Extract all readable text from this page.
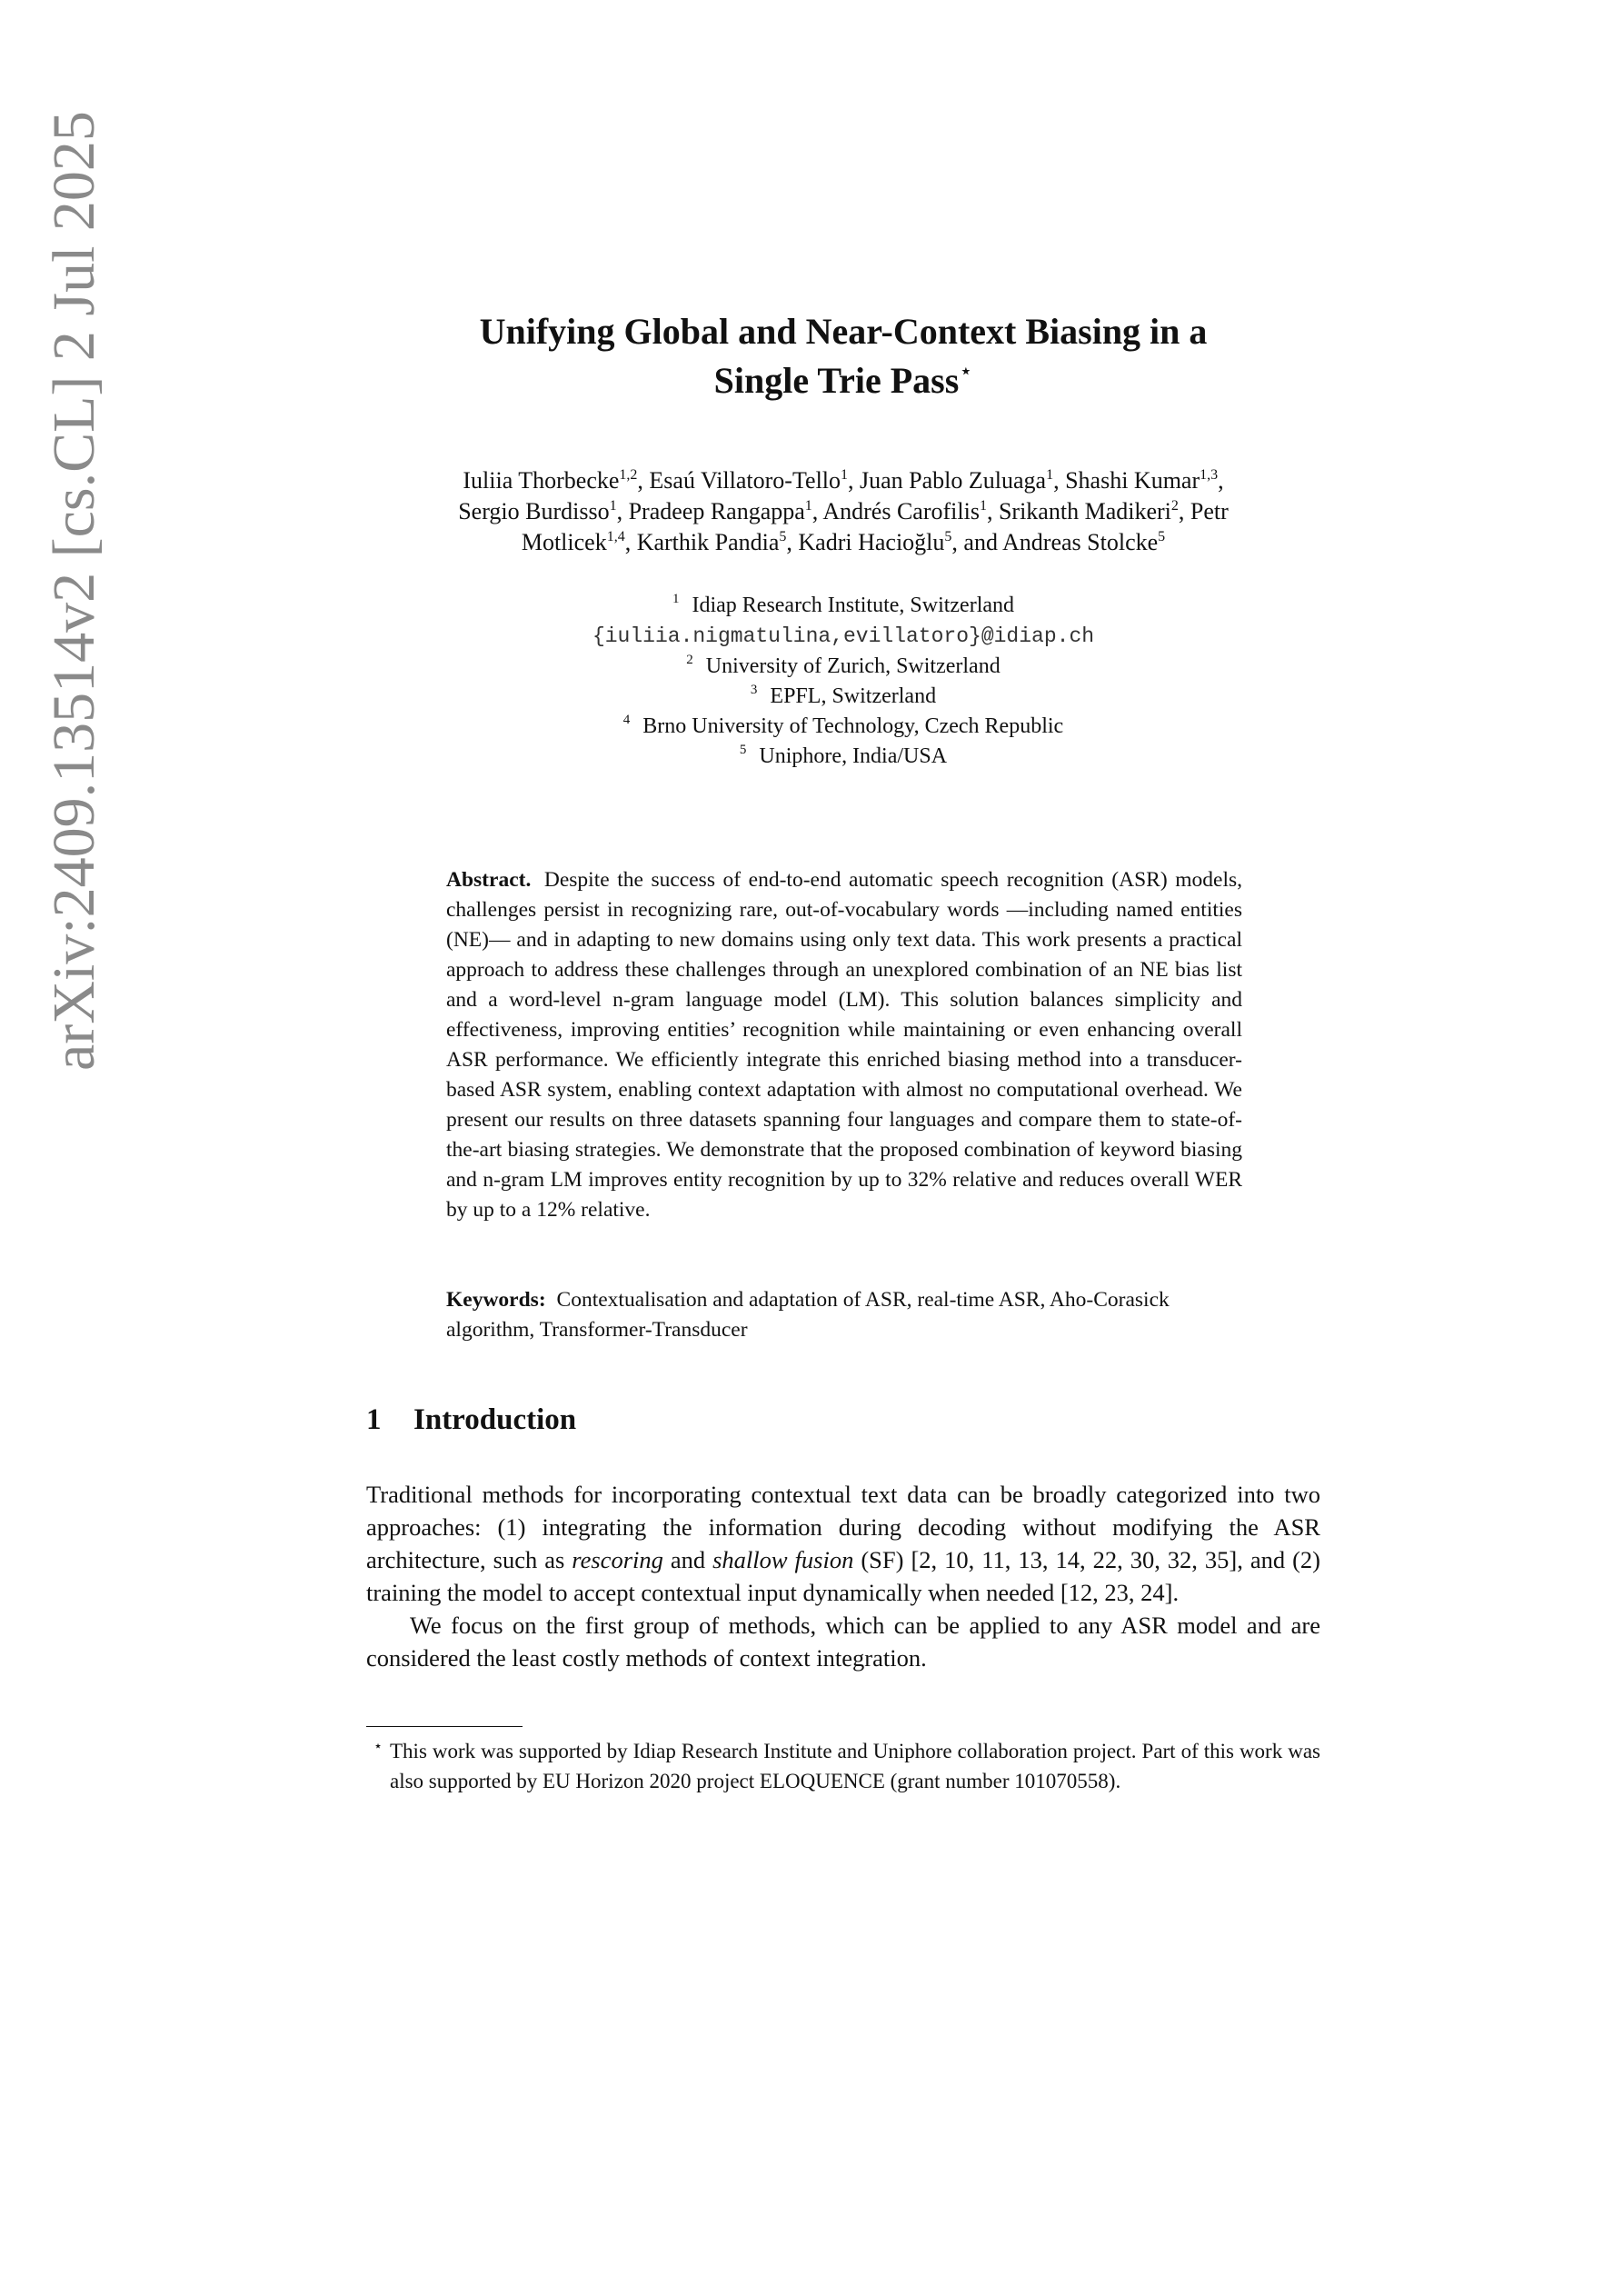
arXiv:2409.13514v2 [cs.CL] 2 Jul 2025	Unifying Global and Near-Context Biasing in a
Single Trie Pass⋆
Iuliia Thorbecke$^{1,2}$, Esaú Villatoro-Tello$^1$, Juan Pablo Zuluaga$^1$, Shashi Kumar$^{1,3}$,
Sergio Burdisso$^1$, Pradeep Rangappa$^1$, Andrés Carofilis$^1$, Srikanth Madikeri$^2$, Petr
Motlicek$^{1,4}$, Karthik Pandia$^5$, Kadri Hacioğlu$^5$, and Andreas Stolcke$^5$
$^1$ Idiap Research Institute, Switzerland
{iuliia.nigmatulina,evillatoro}@idiap.ch
$^2$ University of Zurich, Switzerland
$^3$ EPFL, Switzerland
$^4$ Brno University of Technology, Czech Republic
$^5$ Uniphore, India/USA
Abstract. Despite the success of end-to-end automatic speech recognition (ASR) models, challenges persist in recognizing rare, out-of-vocabulary words —including named entities (NE)— and in adapting to new domains using only text data. This work presents a practical approach to address these challenges through an unexplored combination of an NE bias list and a word-level n-gram language model (LM). This solution balances simplicity and effectiveness, improving entities’ recognition while maintaining or even enhancing overall ASR performance. We efficiently integrate this enriched biasing method into a transducer-based ASR system, enabling context adaptation with almost no computational overhead. We present our results on three datasets spanning four languages and compare them to state-of-the-art biasing strategies. We demonstrate that the proposed combination of keyword biasing and n-gram LM improves entity recognition by up to 32% relative and reduces overall WER by up to a 12% relative.
Keywords: Contextualisation and adaptation of ASR, real-time ASR, Aho-Corasick algorithm, Transformer-Transducer
1 Introduction

Traditional methods for incorporating contextual text data can be broadly categorized into two approaches: (1) integrating the information during decoding without modifying the ASR architecture, such as rescoring and shallow fusion (SF) [2, 10, 11, 13, 14, 22, 30, 32, 35], and (2) training the model to accept contextual input dynamically when needed [12, 23, 24].

We focus on the first group of methods, which can be applied to any ASR model and are considered the least costly methods of context integration.

⋆ This work was supported by Idiap Research Institute and Uniphore collaboration project. Part of this work was also supported by EU Horizon 2020 project ELOQUENCE (grant number 101070558).
